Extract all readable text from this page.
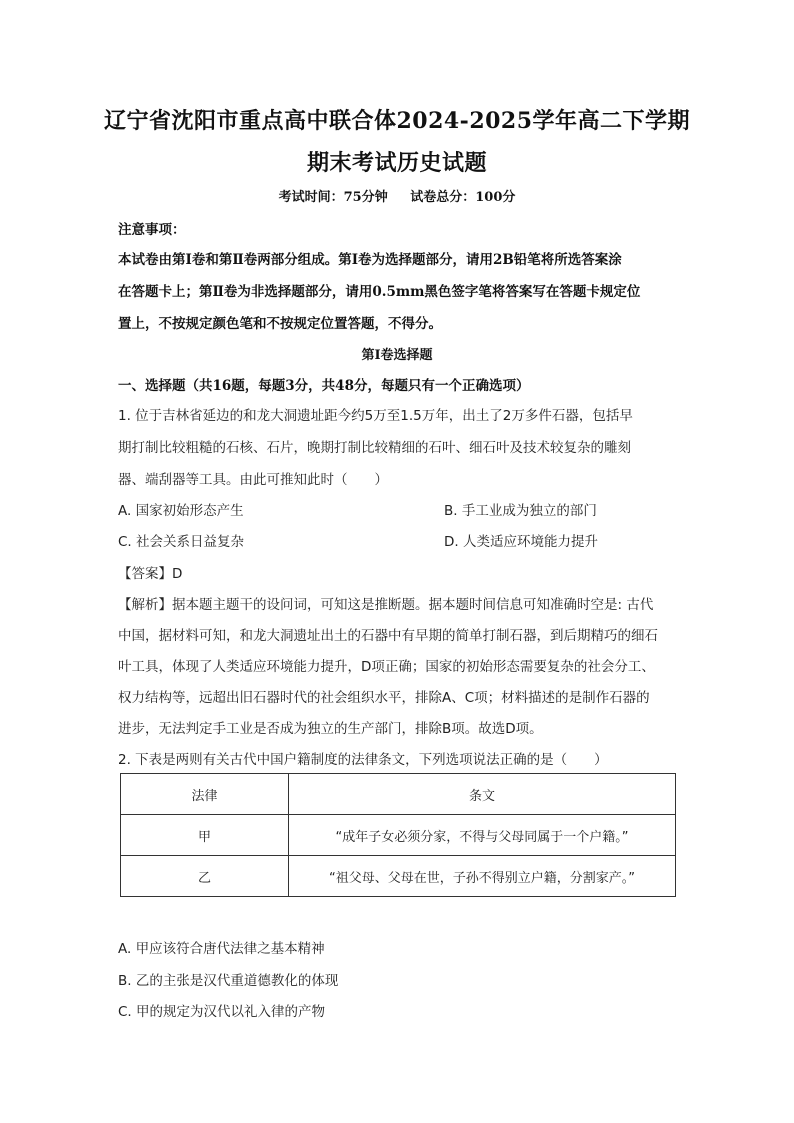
辽宁省沈阳市重点高中联合体2024-2025学年高二下学期
期末考试历史试题
考试时间：75分钟 试卷总分：100分
注意事项：
本试卷由第Ⅰ卷和第Ⅱ卷两部分组成。第Ⅰ卷为选择题部分，请用2B铅笔将所选答案涂
在答题卡上；第Ⅱ卷为非选择题部分，请用0.5mm黑色签字笔将答案写在答题卡规定位
置上，不按规定颜色笔和不按规定位置答题，不得分。
第Ⅰ卷选择题
一、选择题（共16题，每题3分，共48分，每题只有一个正确选项）
1. 位于吉林省延边的和龙大洞遗址距今约5万至1.5万年，出土了2万多件石器，包括早
期打制比较粗糙的石核、石片，晚期打制比较精细的石叶、细石叶及技术较复杂的雕刻
器、端刮器等工具。由此可推知此时（　　）
A. 国家初始形态产生	B. 手工业成为独立的部门
C. 社会关系日益复杂	D. 人类适应环境能力提升
【答案】D
【解析】据本题主题干的设问词，可知这是推断题。据本题时间信息可知准确时空是: 古代
中国，据材料可知，和龙大洞遗址出土的石器中有早期的简单打制石器，到后期精巧的细石
叶工具，体现了人类适应环境能力提升，D项正确；国家的初始形态需要复杂的社会分工、
权力结构等，远超出旧石器时代的社会组织水平，排除A、C项；材料描述的是制作石器的
进步，无法判定手工业是否成为独立的生产部门，排除B项。故选D项。
2. 下表是两则有关古代中国户籍制度的法律条文，下列选项说法正确的是（　　）
法律	条文
甲	“成年子女必须分家，不得与父母同属于一个户籍。”
乙	“祖父母、父母在世，子孙不得别立户籍，分割家产。”
A. 甲应该符合唐代法律之基本精神
B. 乙的主张是汉代重道德教化的体现
C. 甲的规定为汉代以礼入律的产物
